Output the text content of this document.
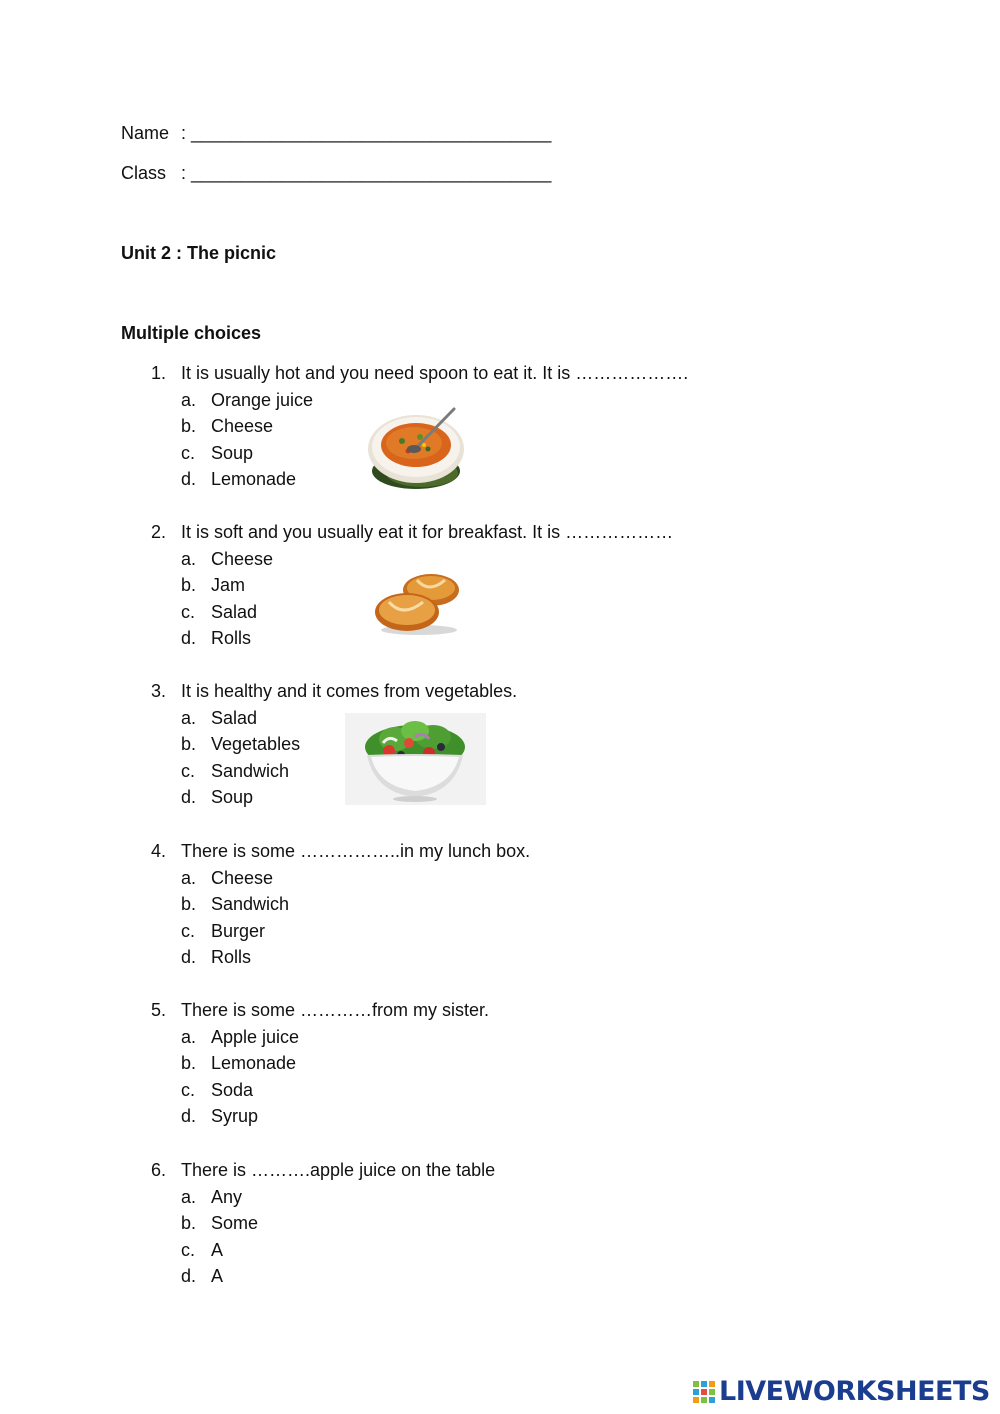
Name : ____________________________________
Class : ____________________________________
Unit 2 : The picnic
Multiple choices
1. It is usually hot and you need spoon to eat it. It is ……………….
a. Orange juice
b. Cheese
c. Soup
d. Lemonade
2. It is soft and you usually eat it for breakfast. It is ………………
a. Cheese
b. Jam
c. Salad
d. Rolls
3. It is healthy and it comes from vegetables.
a. Salad
b. Vegetables
c. Sandwich
d. Soup
4. There is some ……………..in my lunch box.
a. Cheese
b. Sandwich
c. Burger
d. Rolls
5. There is some …………from my sister.
a. Apple juice
b. Lemonade
c. Soda
d. Syrup
6. There is ……….apple juice on the table
a. Any
b. Some
c. A
d. A
LIVEWORKSHEETS
